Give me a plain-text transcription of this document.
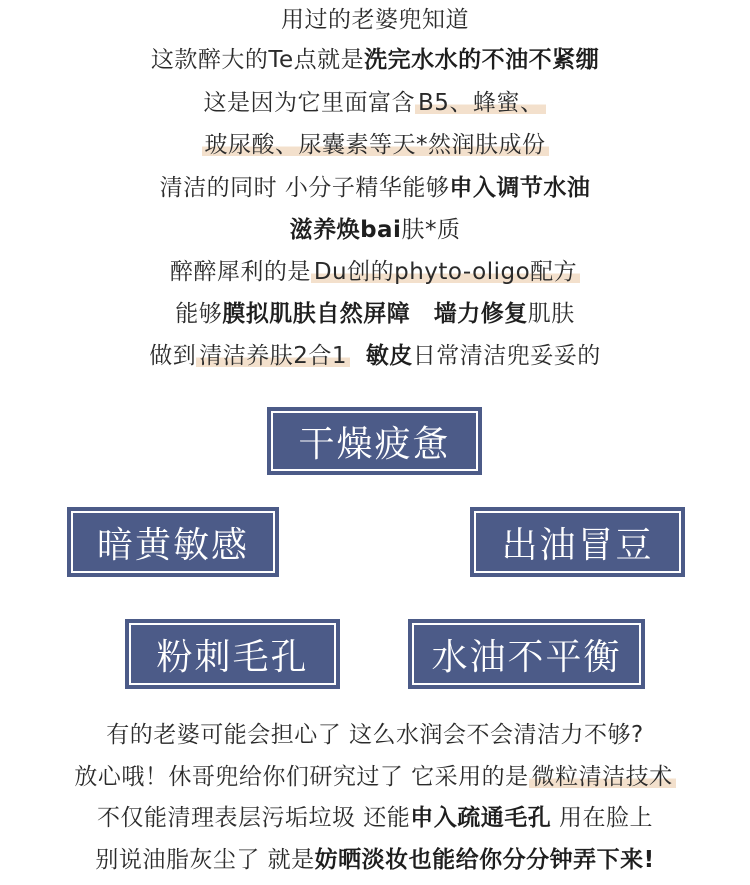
用过的老婆兜知道
这款醉大的Te点就是洗完水水的不油不紧绷
这是因为它里面富含 B5、蜂蜜、
玻尿酸、尿囊素等天*然润肤成份
清洁的同时 小分子精华能够申入调节水油
滋养焕bai肤*质
醉醉犀利的是 Du创的phyto-oligo配方
能够膜拟肌肤自然屏障 墙力修复肌肤
做到 清洁养肤2合1 敏皮日常清洁兜妥妥的
干燥疲惫
暗黄敏感	出油冒豆
粉刺毛孔	水油不平衡
有的老婆可能会担心了 这么水润会不会清洁力不够?
放心哦！休哥兜给你们研究过了 它采用的是 微粒清洁技术
不仅能清理表层污垢垃圾 还能申入疏通毛孔 用在脸上
别说油脂灰尘了 就是妨晒淡妆也能给你分分钟弄下来!
